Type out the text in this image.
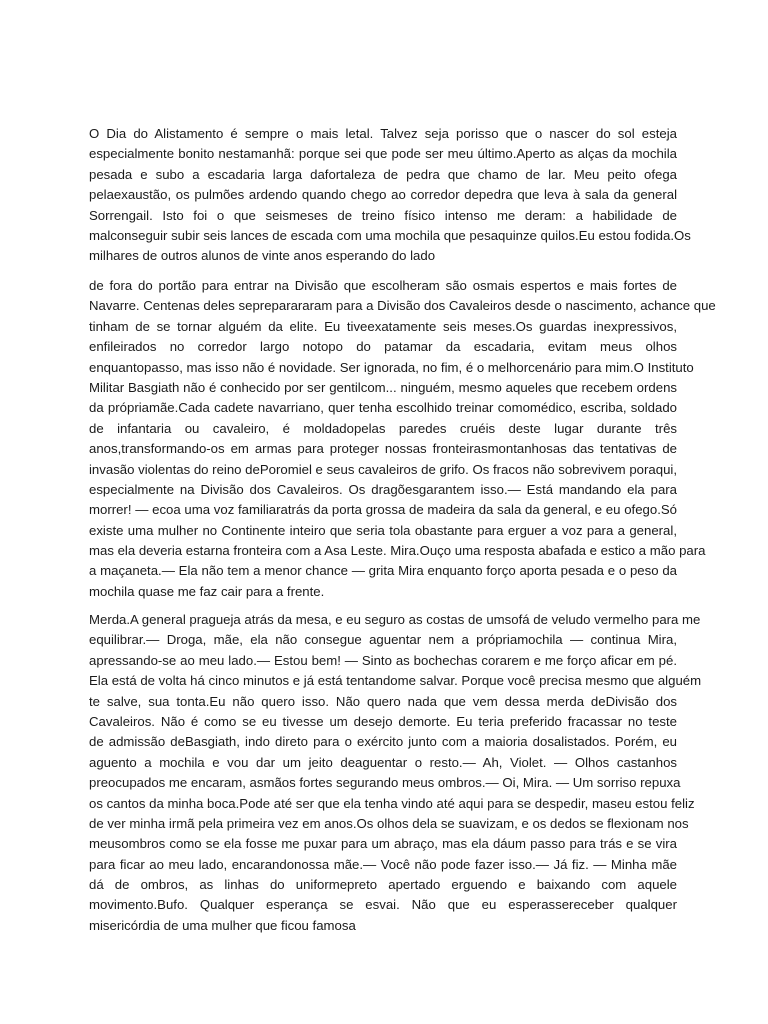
O Dia do Alistamento é sempre o mais letal. Talvez seja porisso que o nascer do sol esteja
especialmente bonito nestamanhã: porque sei que pode ser meu último.Aperto as alças da mochila
pesada e subo a escadaria larga dafortaleza de pedra que chamo de lar. Meu peito ofega
pelaexaustão, os pulmões ardendo quando chego ao corredor depedra que leva à sala da general
Sorrengail. Isto foi o que seismeses de treino físico intenso me deram: a habilidade de
malconseguir subir seis lances de escada com uma mochila que pesaquinze quilos.Eu estou fodida.Os
milhares de outros alunos de vinte anos esperando do lado
de fora do portão para entrar na Divisão que escolheram são osmais espertos e mais fortes de
Navarre. Centenas deles sepreparararam para a Divisão dos Cavaleiros desde o nascimento, achance que
tinham de se tornar alguém da elite. Eu tiveexatamente seis meses.Os guardas inexpressivos,
enfileirados no corredor largo notopo do patamar da escadaria, evitam meus olhos
enquantopasso, mas isso não é novidade. Ser ignorada, no fim, é o melhorcenário para mim.O Instituto
Militar Basgiath não é conhecido por ser gentilcom... ninguém, mesmo aqueles que recebem ordens
da própriamãe.Cada cadete navarriano, quer tenha escolhido treinar comomédico, escriba, soldado
de infantaria ou cavaleiro, é moldadopelas paredes cruéis deste lugar durante três
anos,transformando-os em armas para proteger nossas fronteirasmontanhosas das tentativas de
invasão violentas do reino dePoromiel e seus cavaleiros de grifo. Os fracos não sobrevivem poraqui,
especialmente na Divisão dos Cavaleiros. Os dragõesgarantem isso.— Está mandando ela para
morrer! — ecoa uma voz familiaratrás da porta grossa de madeira da sala da general, e eu ofego.Só
existe uma mulher no Continente inteiro que seria tola obastante para erguer a voz para a general,
mas ela deveria estarna fronteira com a Asa Leste. Mira.Ouço uma resposta abafada e estico a mão para
a maçaneta.— Ela não tem a menor chance — grita Mira enquanto forço aporta pesada e o peso da
mochila quase me faz cair para a frente.
Merda.A general pragueja atrás da mesa, e eu seguro as costas de umsofá de veludo vermelho para me
equilibrar.— Droga, mãe, ela não consegue aguentar nem a própriamochila — continua Mira,
apressando-se ao meu lado.— Estou bem! — Sinto as bochechas corarem e me forço aficar em pé.
Ela está de volta há cinco minutos e já está tentandome salvar. Porque você precisa mesmo que alguém
te salve, sua tonta.Eu não quero isso. Não quero nada que vem dessa merda deDivisão dos
Cavaleiros. Não é como se eu tivesse um desejo demorte. Eu teria preferido fracassar no teste
de admissão deBasgiath, indo direto para o exército junto com a maioria dosalistados. Porém, eu
aguento a mochila e vou dar um jeito deaguentar o resto.— Ah, Violet. — Olhos castanhos
preocupados me encaram, asmãos fortes segurando meus ombros.— Oi, Mira. — Um sorriso repuxa
os cantos da minha boca.Pode até ser que ela tenha vindo até aqui para se despedir, maseu estou feliz
de ver minha irmã pela primeira vez em anos.Os olhos dela se suavizam, e os dedos se flexionam nos
meusombros como se ela fosse me puxar para um abraço, mas ela dáum passo para trás e se vira
para ficar ao meu lado, encarandonossa mãe.— Você não pode fazer isso.— Já fiz. — Minha mãe
dá de ombros, as linhas do uniformepreto apertado erguendo e baixando com aquele
movimento.Bufo. Qualquer esperança se esvai. Não que eu esperassereceber qualquer
misericórdia de uma mulher que ficou famosa
